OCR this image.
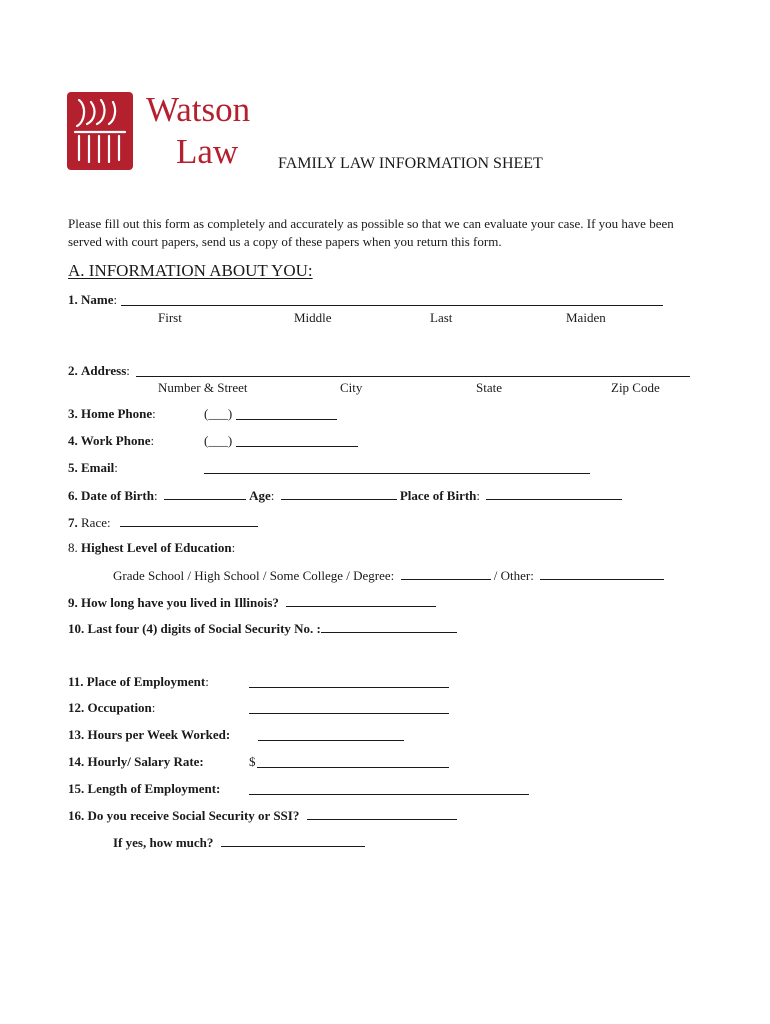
Watson
Law FAMILY LAW INFORMATION SHEET
Please fill out this form as completely and accurately as possible so that we can evaluate your case. If you have been served with court papers, send us a copy of these papers when you return this form.
A. INFORMATION ABOUT YOU:
1. Name:
First	Middle	Last	Maiden
2. Address:
Number & Street	City	State	Zip Code
3. Home Phone:	(___)
4. Work Phone:	(___)
5. Email:
6. Date of Birth:	Age:	Place of Birth:
7. Race:
8. Highest Level of Education:
Grade School / High School / Some College / Degree:	/ Other:
9. How long have you lived in Illinois?
10. Last four (4) digits of Social Security No. :
11. Place of Employment:
12. Occupation:
13. Hours per Week Worked:
14. Hourly/ Salary Rate:	$
15. Length of Employment:
16. Do you receive Social Security or SSI?
If yes, how much?
